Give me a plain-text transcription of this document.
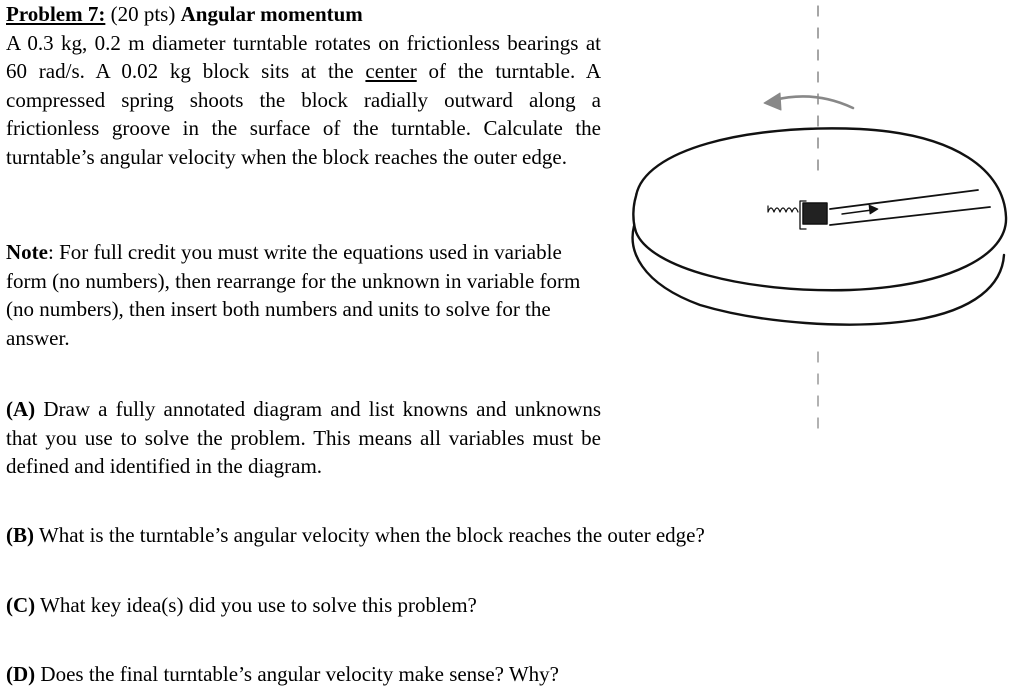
Problem 7: (20 pts) Angular momentum
A 0.3 kg, 0.2 m diameter turntable rotates on frictionless bearings at 60 rad/s. A 0.02 kg block sits at the center of the turntable. A compressed spring shoots the block radially outward along a frictionless groove in the surface of the turntable. Calculate the turntable’s angular velocity when the block reaches the outer edge.
Note: For full credit you must write the equations used in variable form (no numbers), then rearrange for the unknown in variable form (no numbers), then insert both numbers and units to solve for the answer.
(A) Draw a fully annotated diagram and list knowns and unknowns that you use to solve the problem. This means all variables must be defined and identified in the diagram.
(B) What is the turntable’s angular velocity when the block reaches the outer edge?
(C) What key idea(s) did you use to solve this problem?
(D) Does the final turntable’s angular velocity make sense? Why?
